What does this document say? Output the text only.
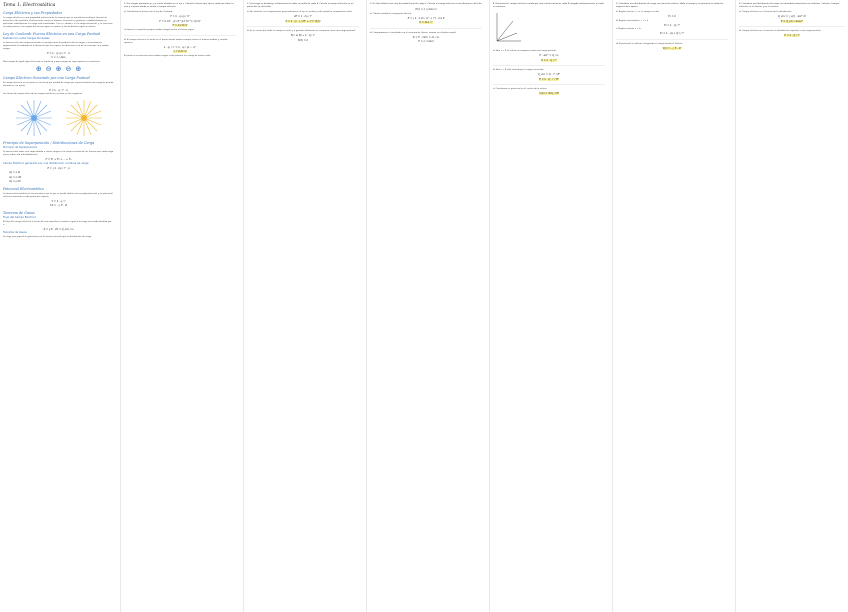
Tema 1: Electrostática
Carga Eléctrica y sus Propiedades
La carga eléctrica es una propiedad intrínseca de la materia que se manifiesta mediante fuerzas de atracción y de repulsión. Está presente tanto en átomos, electrones y protones, estableciéndose en partículas subatómicas. La carga está cuantizada: Q = n·e, donde e es la carga elemental, y se conserva en todo proceso. Las cargas del mismo signo se repelen y las de distinto signo se atraen.
Ley de Coulomb: Fuerza Eléctrica en una Carga Puntual
Distribución entre Cargas Puntuales
La fuerza entre dos cargas puntuales es proporcional al producto de las cargas e inversamente proporcional al cuadrado de la distancia que las separa. Su dirección es la de la recta que une ambas cargas.
F = k · q₁·q₂ / r² · û
k = 1 / 4πε₀
Para cargas de igual signo la fuerza es repulsiva y para cargas de signo opuesto es atractiva.
⊕ ⊖ ⊕ ⊖ ⊕
Campo Eléctrico Generado por una Carga Puntual
El campo eléctrico en un punto es la fuerza por unidad de carga que experimentaría una carga de prueba situada en ese punto.
E = k · q / r² · û
Las líneas de campo salen de las cargas positivas y entran en las negativas.
Principio de Superposición / Distribuciones de Carga
Principio de Superposición
La fuerza total sobre una carga debida a varias cargas es la suma vectorial de las fuerzas que cada carga ejerce sobre ella individualmente.
F = F₁ + F₂ + ... + Fₙ
Campo Eléctrico generado por una distribución continua de carga
E = ∫ k · dq / r² · û
dq = λ·dl
dq = σ·dS
dq = ρ·dV
Potencial Electrostático
La fuerza electrostática es conservativa, por lo que se puede definir una energía potencial y un potencial eléctrico asociado a cada punto del espacio.
V = k · q / r
ΔV = −∫ E · dl
Teorema de Gauss
Flujo del Campo Eléctrico
El flujo del campo eléctrico a través de una superficie cerrada es igual a la carga encerrada dividida por ε₀.
Φ = ∮ E · dS = Q_enc / ε₀
Teorema de Gauss
Se elige una superficie gaussiana con la misma simetría que la distribución de carga.
1. Dos cargas puntuales q₁ y q₂ están situadas en el eje x. Calcula la fuerza que ejerce cada una sobre la otra y el punto donde se anula el campo eléctrico.
a) Calculamos la fuerza con la ley de Coulomb.
F = k · q₁·q₂ / d²
F = 9·10⁹ · (2·10⁻⁶)(3·10⁻⁶) / (0,5)²
F = 0,216 N
La fuerza es repulsiva porque ambas cargas tienen el mismo signo.
b) El campo eléctrico se anula en el punto donde ambos campos tienen el mismo módulo y sentido opuesto.
k · q₁ / x² = k · q₂ / (d − x)²
x = 0,22 m
El punto se encuentra entre ambas cargas, más próximo a la carga de menor valor.
2. Una carga se distribuye uniformemente sobre un anillo de radio R. Calcula el campo eléctrico en un punto del eje del anillo.
a) Por simetría, las componentes perpendiculares al eje se anulan y sólo queda la componente axial.
dE = k · dq / r²
E = k · Q · z / (R² + z²)^(3/2)
b) En el centro del anillo el campo es nulo, y a grandes distancias se comporta como una carga puntual.
E(z ≫ R) ≈ k · Q / z²
E(0) = 0
3. Un hilo infinito tiene una densidad lineal de carga λ. Calcula el campo eléctrico a una distancia r del hilo.
E(r) = λ / (2πε₀·r)
a) Cálculo mediante integración directa.
E = ∫ k · λ·dx / (x² + r²) · cos θ
E = 2kλ / r
b) Comprobamos el resultado con el teorema de Gauss, usando un cilindro coaxial.
Φ = E · 2πrL = λL / ε₀
E = λ / 2πε₀r
4. Determina el campo eléctrico creado por una esfera maciza de radio R cargada uniformemente en todo su volumen.
a) Para r > R la esfera se comporta como una carga puntual.
E · 4πr² = Q / ε₀
E = k · Q / r²
b) Para r < R sólo contribuye la carga encerrada.
Q_enc = Q · r³ / R³
E = k · Q · r / R³
c) Calculamos el potencial en el centro de la esfera.
V(0) = 3kQ / 2R
5. Considera una distribución de carga con simetría esférica. Halla el campo y el potencial en todas las regiones del espacio.
a) Región interior r < a, el campo es nulo.
E₁ = 0
b) Región intermedia a < r < b.
E₂ = k · Q / r²
c) Región exterior r > b.
E₃ = k · (Q + Q') / r²
d) El potencial se obtiene integrando el campo desde el infinito.
V(r) = −∫ E · dr
6. Considera una distribución de carga con densidad volumétrica no uniforme. Calcula el campo eléctrico en el interior y en el exterior.
a) Campo eléctrico en el interior de la distribución.
Q_enc = ∫ ρ(r) · 4πr² dr
E = Q_enc / 4πε₀r²
b) Campo eléctrico en el exterior, la distribución equivale a una carga puntual.
E = k · Q / r²
